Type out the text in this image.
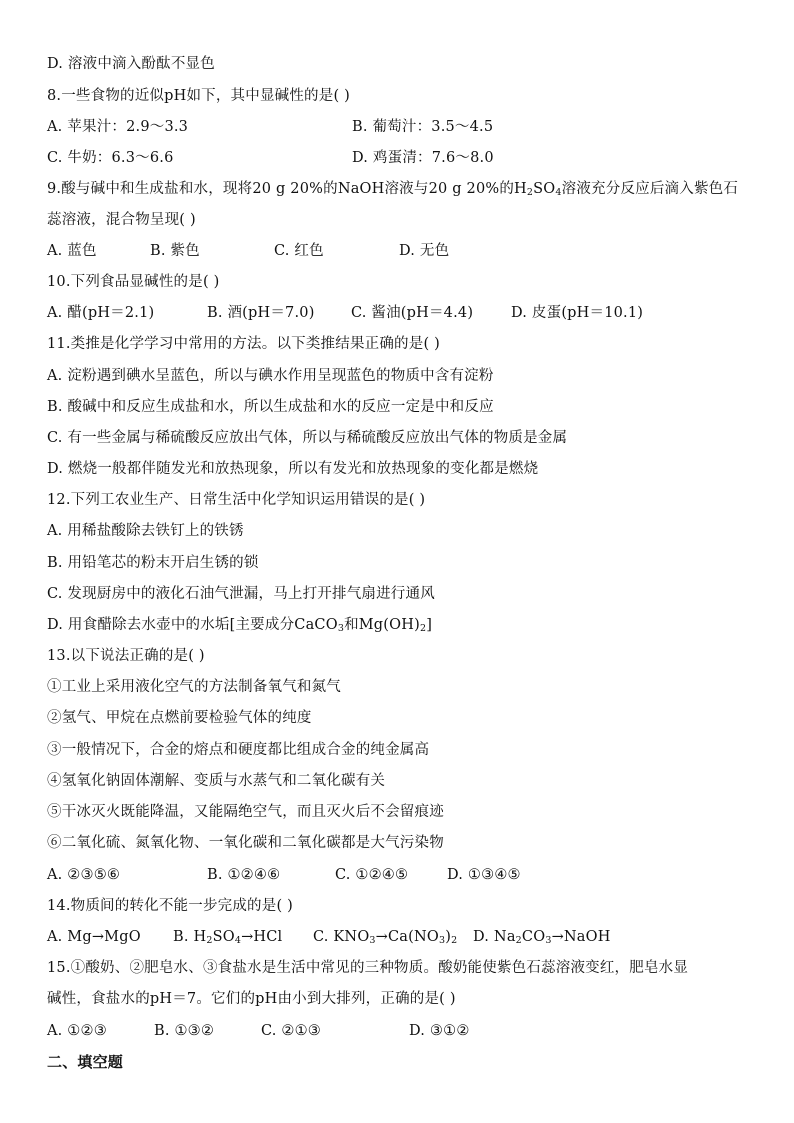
D. 溶液中滴入酚酞不显色
8.一些食物的近似pH如下，其中显碱性的是( )
A. 苹果汁：2.9～3.3	B. 葡萄汁：3.5～4.5
C. 牛奶：6.3～6.6	D. 鸡蛋清：7.6～8.0
9.酸与碱中和生成盐和水，现将20 g 20%的NaOH溶液与20 g 20%的$H_2SO_4$溶液充分反应后滴入紫色石
蕊溶液，混合物呈现( )
A. 蓝色	B. 紫色	C. 红色	D. 无色
10.下列食品显碱性的是( )
A. 醋(pH＝2.1)	B. 酒(pH＝7.0)	C. 酱油(pH＝4.4)	D. 皮蛋(pH＝10.1)
11.类推是化学学习中常用的方法。以下类推结果正确的是( )
A. 淀粉遇到碘水呈蓝色，所以与碘水作用呈现蓝色的物质中含有淀粉
B. 酸碱中和反应生成盐和水，所以生成盐和水的反应一定是中和反应
C. 有一些金属与稀硫酸反应放出气体，所以与稀硫酸反应放出气体的物质是金属
D. 燃烧一般都伴随发光和放热现象，所以有发光和放热现象的变化都是燃烧
12.下列工农业生产、日常生活中化学知识运用错误的是( )
A. 用稀盐酸除去铁钉上的铁锈
B. 用铅笔芯的粉末开启生锈的锁
C. 发现厨房中的液化石油气泄漏，马上打开排气扇进行通风
D. 用食醋除去水壶中的水垢[主要成分CaCO$_3$和$Mg(OH)_2$]
13.以下说法正确的是( )
①工业上采用液化空气的方法制备氧气和氮气
②氢气、甲烷在点燃前要检验气体的纯度
③一般情况下，合金的熔点和硬度都比组成合金的纯金属高
④氢氧化钠固体潮解、变质与水蒸气和二氧化碳有关
⑤干冰灭火既能降温，又能隔绝空气，而且灭火后不会留痕迹
⑥二氧化硫、氮氧化物、一氧化碳和二氧化碳都是大气污染物
A. ②③⑤⑥	B. ①②④⑥	C. ①②④⑤	D. ①③④⑤
14.物质间的转化不能一步完成的是( )
A. Mg→MgO B. $H_2SO_4\to HCl$ C. $KNO_3\to Ca(NO_3)_2$ D. $Na_2CO_3\to NaOH$
15.①酸奶、②肥皂水、③食盐水是生活中常见的三种物质。酸奶能使紫色石蕊溶液变红，肥皂水显
碱性，食盐水的pH＝7。它们的pH由小到大排列，正确的是( )
A. ①②③	B. ①③②	C. ②①③	D. ③①②
二、填空题
